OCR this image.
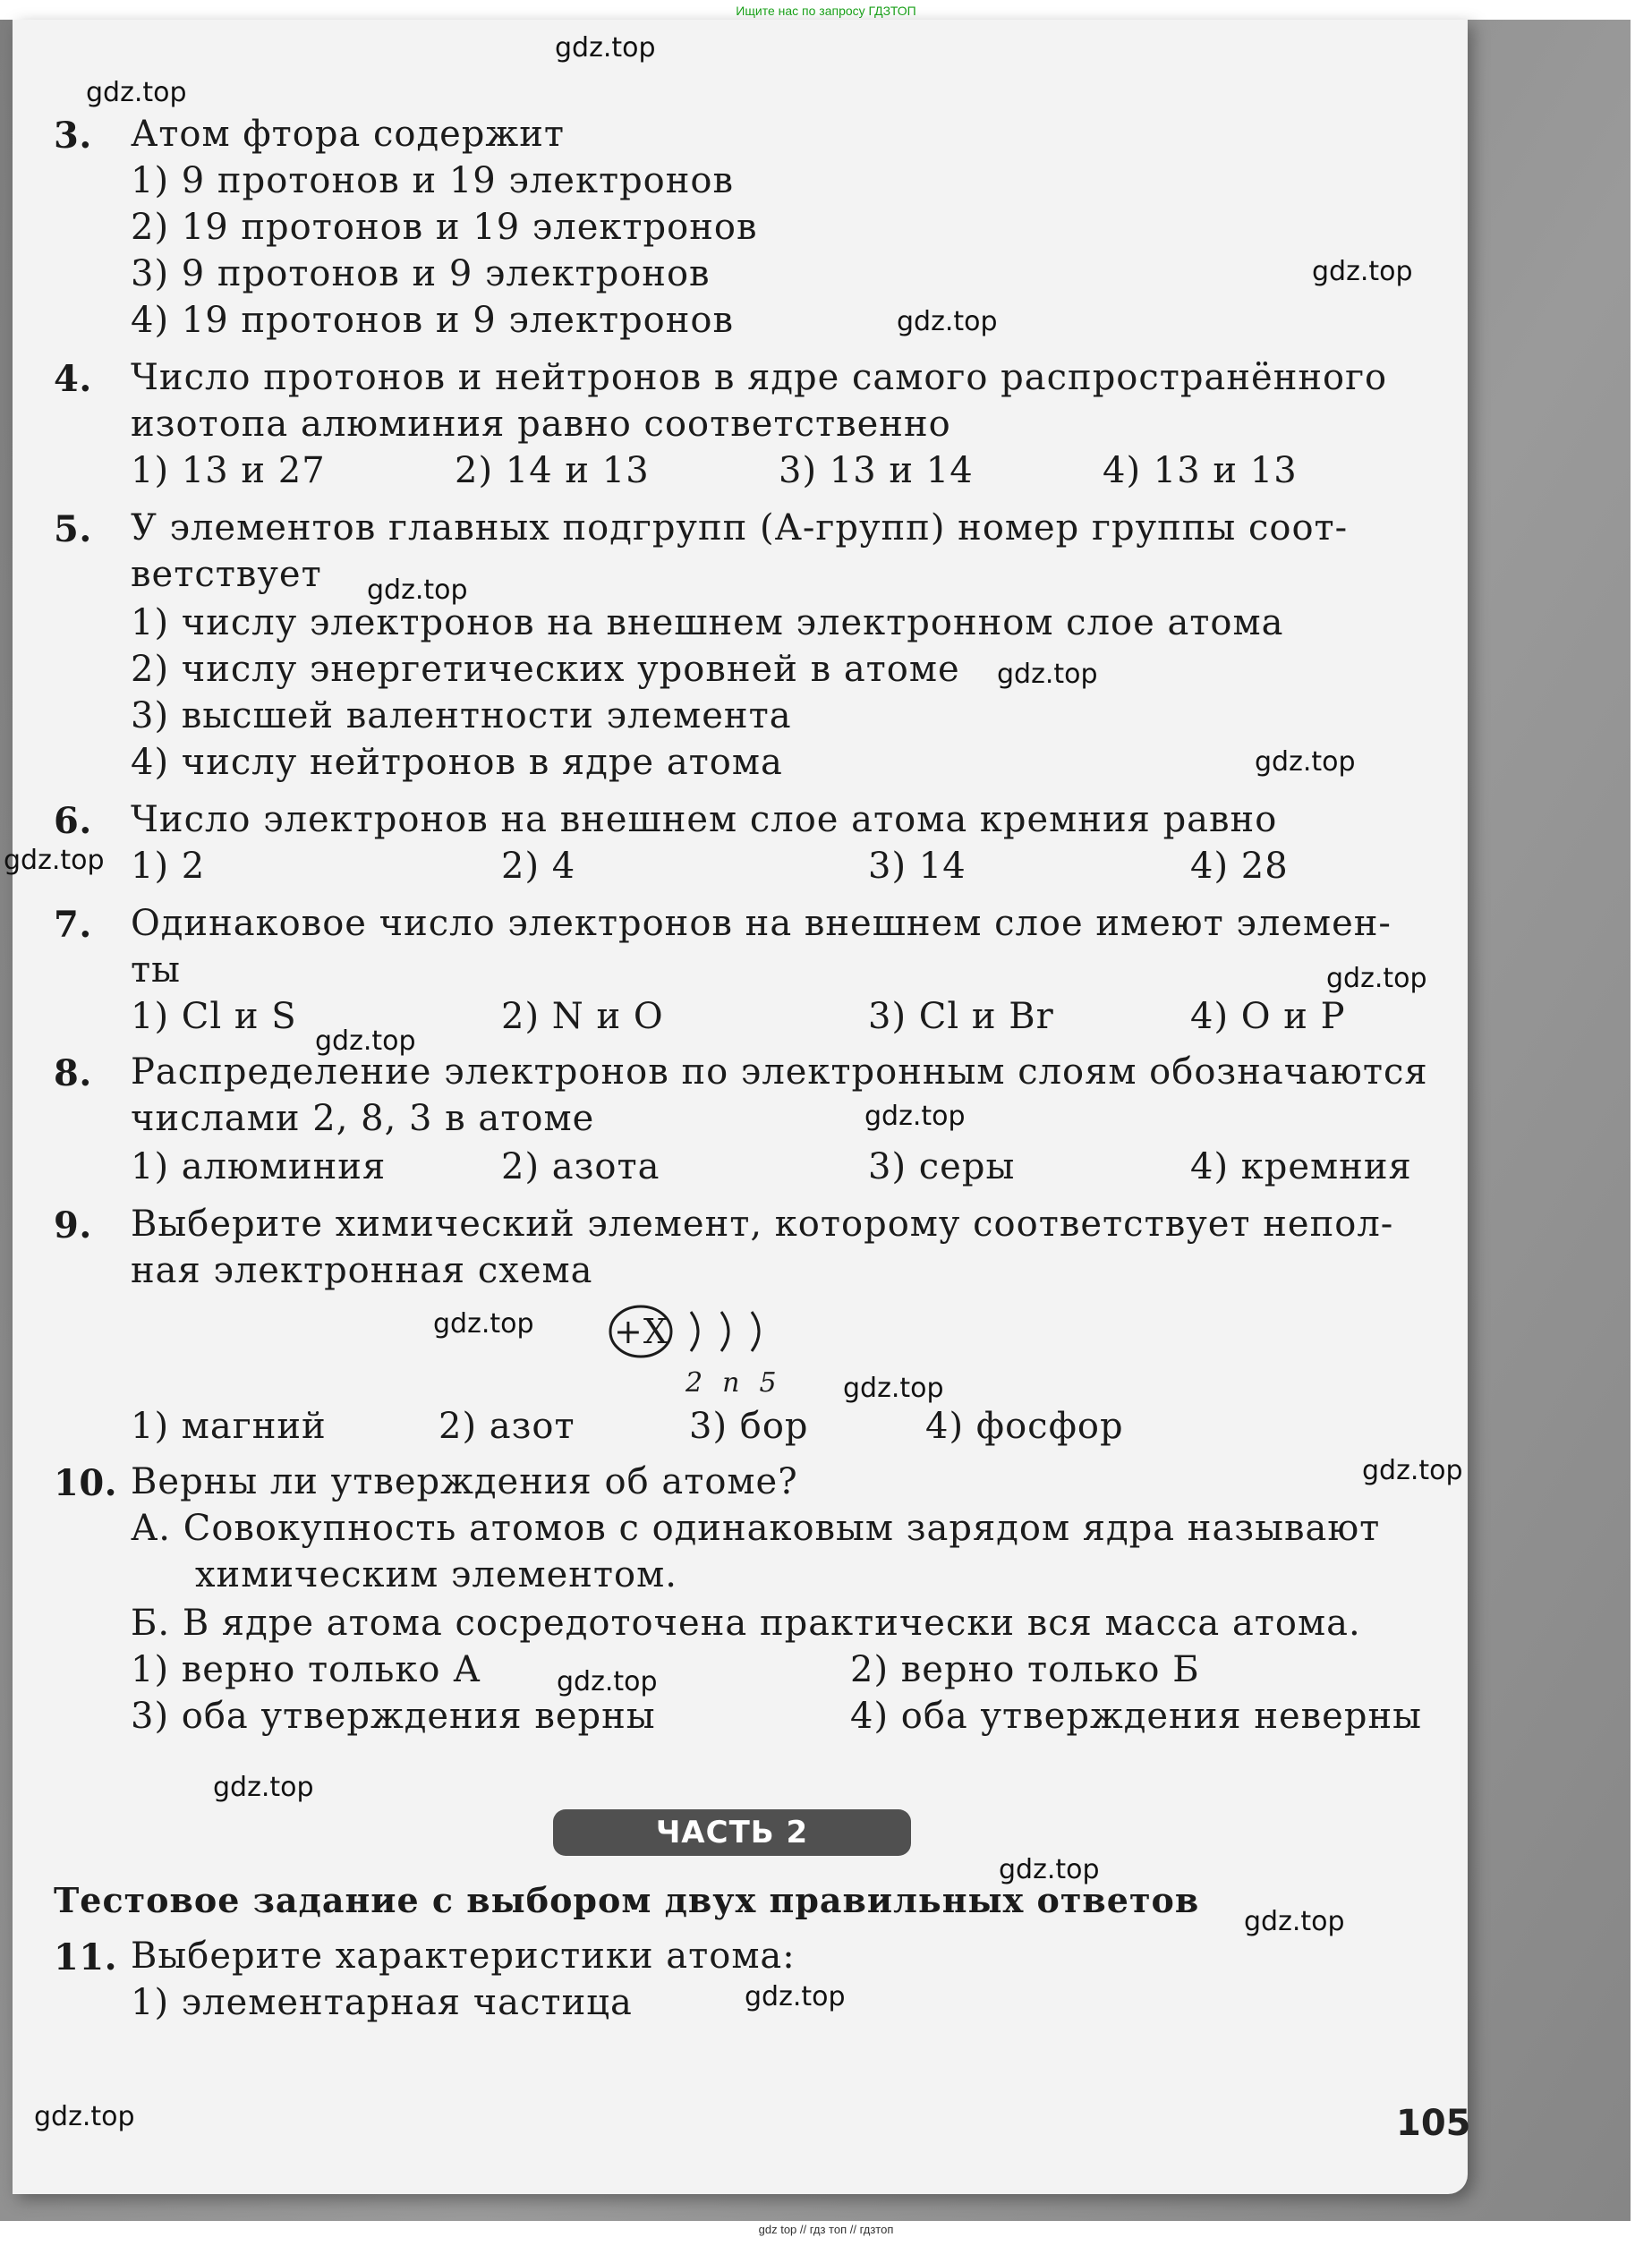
Ищите нас по запросу ГДЗТОП
3. Атом фтора содержит
1) 9 протонов и 19 электронов
2) 19 протонов и 19 электронов
3) 9 протонов и 9 электронов
4) 19 протонов и 9 электронов
4. Число протонов и нейтронов в ядре самого распространённого
изотопа алюминия равно соответственно
1) 13 и 27	2) 14 и 13	3) 13 и 14	4) 13 и 13
5. У элементов главных подгрупп (А-групп) номер группы соот-
ветствует
1) числу электронов на внешнем электронном слое атома
2) числу энергетических уровней в атоме
3) высшей валентности элемента
4) числу нейтронов в ядре атома
6. Число электронов на внешнем слое атома кремния равно
1) 2	2) 4	3) 14	4) 28
7. Одинаковое число электронов на внешнем слое имеют элемен-
ты
1) Cl и S	2) N и O	3) Cl и Br	4) O и P
8. Распределение электронов по электронным слоям обозначаются
числами 2, 8, 3 в атоме
1) алюминия	2) азота	3) серы	4) кремния
9. Выберите химический элемент, которому соответствует непол-
ная электронная схема
+X
2  n  5
1) магний	2) азот	3) бор	4) фосфор
10. Верны ли утверждения об атоме?
А. Совокупность атомов с одинаковым зарядом ядра называют
химическим элементом.
Б. В ядре атома сосредоточена практически вся масса атома.
1) верно только А	2) верно только Б
3) оба утверждения верны	4) оба утверждения неверны
ЧАСТЬ 2
Тестовое задание с выбором двух правильных ответов
11. Выберите характеристики атома:
1) элементарная частица
105
gdz.top
gdz.top
gdz.top
gdz.top
gdz.top
gdz.top
gdz.top
gdz.top
gdz.top
gdz.top
gdz.top
gdz.top
gdz.top
gdz.top
gdz.top
gdz.top
gdz.top
gdz.top
gdz.top
gdz.top
gdz top // гдз топ // гдзтоп
